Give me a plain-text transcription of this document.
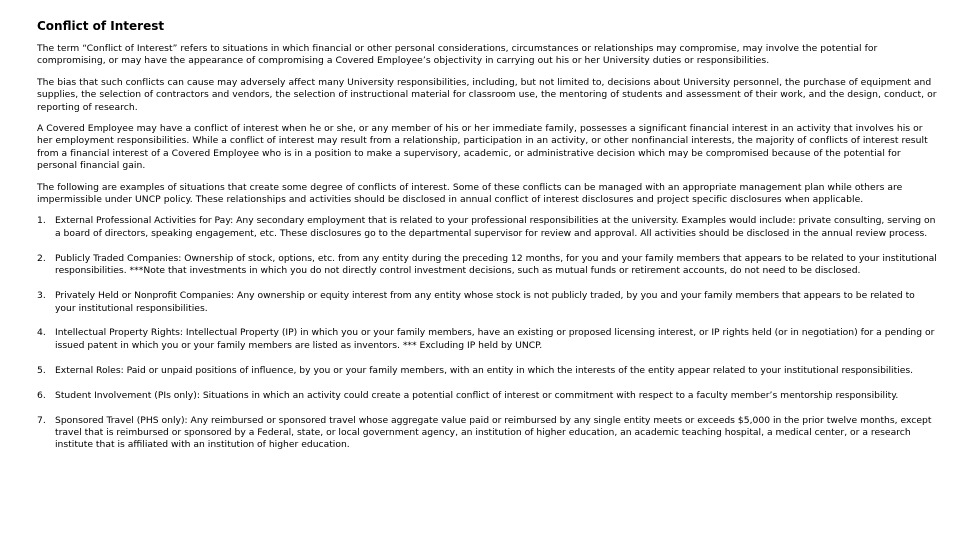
Conflict of Interest

The term “Conflict of Interest” refers to situations in which financial or other personal considerations, circumstances or relationships may compromise, may involve the potential for compromising, or may have the appearance of compromising a Covered Employee’s objectivity in carrying out his or her University duties or responsibilities.

The bias that such conflicts can cause may adversely affect many University responsibilities, including, but not limited to, decisions about University personnel, the purchase of equipment and supplies, the selection of contractors and vendors, the selection of instructional material for classroom use, the mentoring of students and assessment of their work, and the design, conduct, or reporting of research.

A Covered Employee may have a conflict of interest when he or she, or any member of his or her immediate family, possesses a significant financial interest in an activity that involves his or her employment responsibilities. While a conflict of interest may result from a relationship, participation in an activity, or other nonfinancial interests, the majority of conflicts of interest result from a financial interest of a Covered Employee who is in a position to make a supervisory, academic, or administrative decision which may be compromised because of the potential for personal financial gain.

The following are examples of situations that create some degree of conflicts of interest. Some of these conflicts can be managed with an appropriate management plan while others are impermissible under UNCP policy. These relationships and activities should be disclosed in annual conflict of interest disclosures and project specific disclosures when applicable.

1. External Professional Activities for Pay: Any secondary employment that is related to your professional responsibilities at the university. Examples would include: private consulting, serving on a board of directors, speaking engagement, etc. These disclosures go to the departmental supervisor for review and approval. All activities should be disclosed in the annual review process.
2. Publicly Traded Companies: Ownership of stock, options, etc. from any entity during the preceding 12 months, for you and your family members that appears to be related to your institutional responsibilities. ***Note that investments in which you do not directly control investment decisions, such as mutual funds or retirement accounts, do not need to be disclosed.
3. Privately Held or Nonprofit Companies: Any ownership or equity interest from any entity whose stock is not publicly traded, by you and your family members that appears to be related to your institutional responsibilities.
4. Intellectual Property Rights: Intellectual Property (IP) in which you or your family members, have an existing or proposed licensing interest, or IP rights held (or in negotiation) for a pending or issued patent in which you or your family members are listed as inventors. *** Excluding IP held by UNCP.
5. External Roles: Paid or unpaid positions of influence, by you or your family members, with an entity in which the interests of the entity appear related to your institutional responsibilities.
6. Student Involvement (PIs only): Situations in which an activity could create a potential conflict of interest or commitment with respect to a faculty member’s mentorship responsibility.
7. Sponsored Travel (PHS only): Any reimbursed or sponsored travel whose aggregate value paid or reimbursed by any single entity meets or exceeds $5,000 in the prior twelve months, except travel that is reimbursed or sponsored by a Federal, state, or local government agency, an institution of higher education, an academic teaching hospital, a medical center, or a research institute that is affiliated with an institution of higher education.
